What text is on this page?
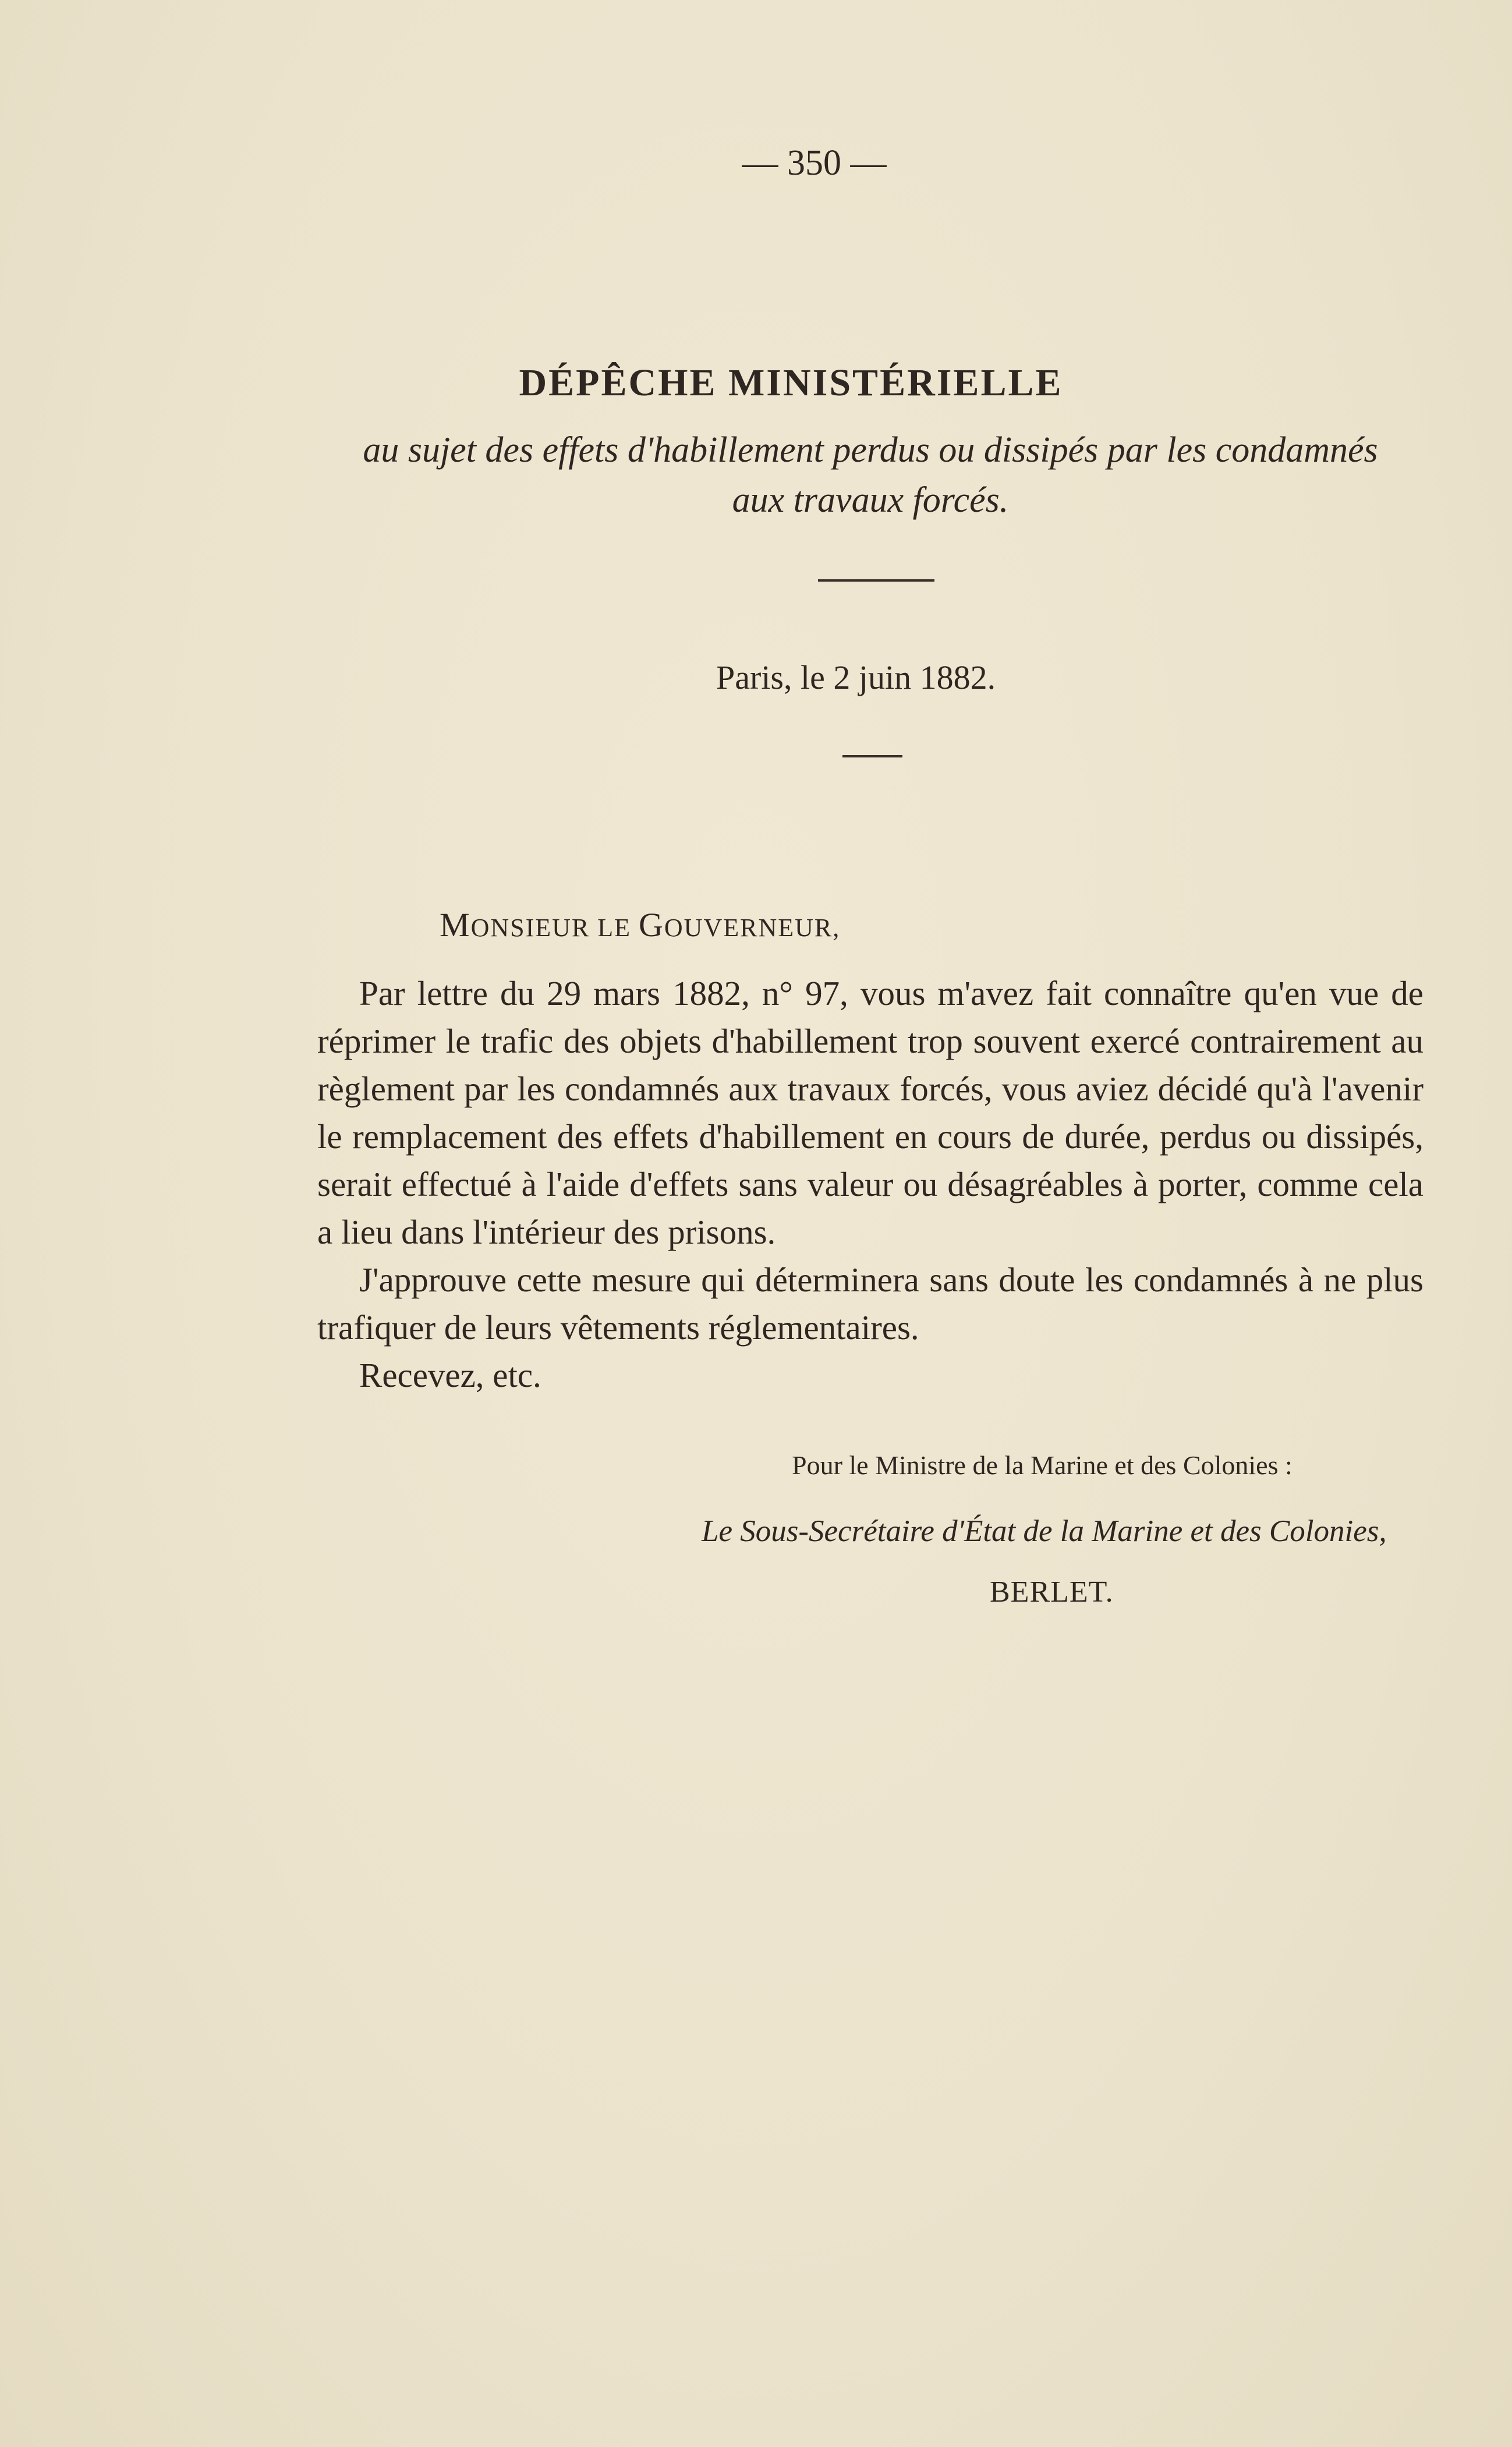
— 350 —
DÉPÊCHE MINISTÉRIELLE
au sujet des effets d'habillement perdus ou dissipés par les condamnés aux travaux forcés.
Paris, le 2 juin 1882.
MONSIEUR LE GOUVERNEUR,

Par lettre du 29 mars 1882, n° 97, vous m'avez fait connaître qu'en vue de réprimer le trafic des objets d'habillement trop souvent exercé contrairement au règlement par les condamnés aux travaux forcés, vous aviez décidé qu'à l'avenir le remplacement des effets d'habillement en cours de durée, perdus ou dissipés, serait effectué à l'aide d'effets sans valeur ou désagréables à porter, comme cela a lieu dans l'intérieur des prisons.

J'approuve cette mesure qui déterminera sans doute les condamnés à ne plus trafiquer de leurs vêtements réglementaires.

Recevez, etc.

Pour le Ministre de la Marine et des Colonies :
Le Sous-Secrétaire d'État de la Marine et des Colonies,
BERLET.
